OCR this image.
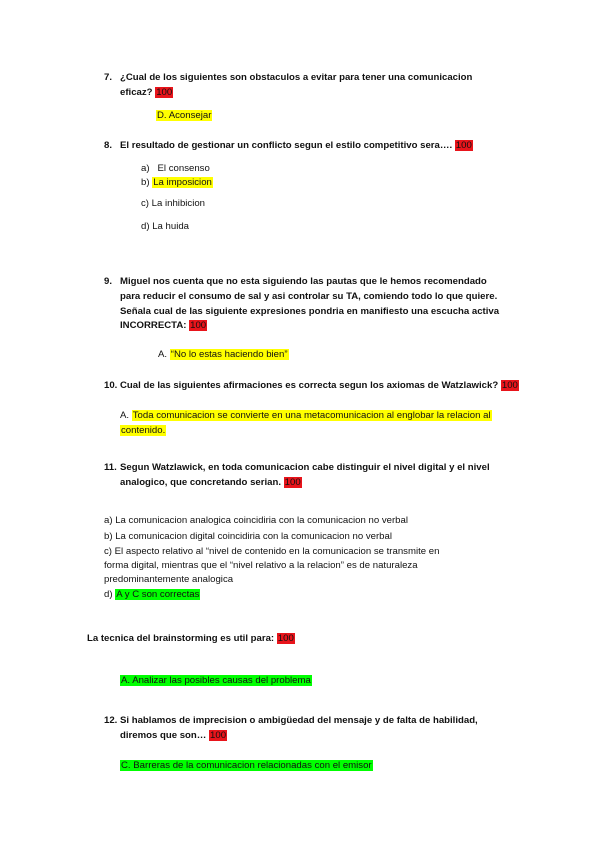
7. ¿Cual de los siguientes son obstaculos a evitar para tener una comunicacion
eficaz? 100
D. Aconsejar
8. El resultado de gestionar un conflicto segun el estilo competitivo sera…. 100
a) El consenso
b) La imposicion
c) La inhibicion
d) La huida
9. Miguel nos cuenta que no esta siguiendo las pautas que le hemos recomendado
para reducir el consumo de sal y asi controlar su TA, comiendo todo lo que quiere.
Señala cual de las siguiente expresiones pondria en manifiesto una escucha activa
INCORRECTA: 100
A. “No lo estas haciendo bien”
10. Cual de las siguientes afirmaciones es correcta segun los axiomas de Watzlawick? 100
A. Toda comunicacion se convierte en una metacomunicacion al englobar la relacion al
contenido.
11. Segun Watzlawick, en toda comunicacion cabe distinguir el nivel digital y el nivel
analogico, que concretando serian. 100
a) La comunicacion analogica coincidiria con la comunicacion no verbal
b) La comunicacion digital coincidiria con la comunicacion no verbal
c) El aspecto relativo al “nivel de contenido en la comunicacion se transmite en
forma digital, mientras que el “nivel relativo a la relacion” es de naturaleza
predominantemente analogica
d) A y C son correctas
La tecnica del brainstorming es util para: 100
A. Analizar las posibles causas del problema
12. Si hablamos de imprecision o ambigüedad del mensaje y de falta de habilidad,
diremos que son… 100
C. Barreras de la comunicacion relacionadas con el emisor
